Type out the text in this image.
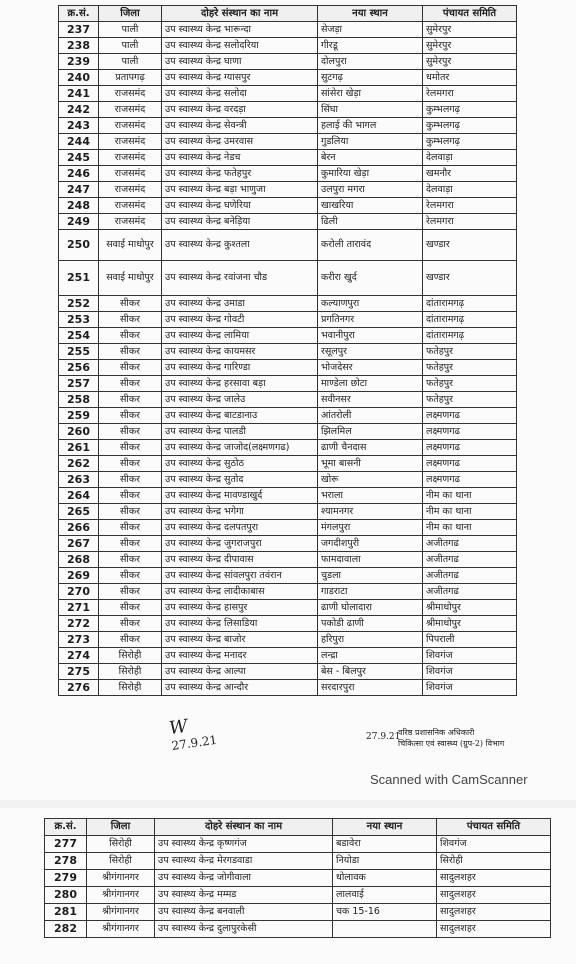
क्र.सं.	जिला	दोहरे संस्थान का नाम	नया स्थान	पंचायत समिति
237	पाली	उप स्वास्थ्य केन्द्र भारून्दा	सेजड़ा	सुमेरपुर
238	पाली	उप स्वास्थ्य केन्द्र सलोदरिया	गीरडू	सुमेरपुर
239	पाली	उप स्वास्थ्य केन्द्र घाणा	दोलपुरा	सुमेरपुर
240	प्रतापगढ़	उप स्वास्थ्य केन्द्र ग्यासपुर	सुटगढ़	धमोतर
241	राजसमंद	उप स्वास्थ्य केन्द्र सलोदा	सांसेरा खेड़ा	रेलमगरा
242	राजसमंद	उप स्वास्थ्य केन्द्र वरदड़ा	सिंघा	कुम्भलगढ़
243	राजसमंद	उप स्वास्थ्य केन्द्र सेवन्त्री	हलाई की भागल	कुम्भलगढ़
244	राजसमंद	उप स्वास्थ्य केन्द्र उमरवास	गुडलिया	कुम्भलगढ़
245	राजसमंद	उप स्वास्थ्य केन्द्र नेडच	बेरन	देलवाड़ा
246	राजसमंद	उप स्वास्थ्य केन्द्र फतेहपुर	कुमारिया खेड़ा	खमनौर
247	राजसमंद	उप स्वास्थ्य केन्द्र बड़ा भाणुजा	उलपुरा मगरा	देलवाड़ा
248	राजसमंद	उप स्वास्थ्य केन्द्र घणेरिया	खाखरिया	रेलमगरा
249	राजसमंद	उप स्वास्थ्य केन्द्र बनेड़िया	ढिली	रेलमगरा
250	सवाई माधोपुर	उप स्वास्थ्य केन्द्र कुश्तला	करोली तारावंद	खण्डार
251	सवाई माधोपुर	उप स्वास्थ्य केन्द्र रवांजना चौड	करीरा खुर्द	खण्डार
252	सीकर	उप स्वास्थ्य केन्द्र उमाडा	कल्याणपुरा	दांतारामगढ़
253	सीकर	उप स्वास्थ्य केन्द्र गोवटी	प्रगतिनगर	दांतारामगढ़
254	सीकर	उप स्वास्थ्य केन्द्र लामिया	भवानीपुरा	दांतारामगढ़
255	सीकर	उप स्वास्थ्य केन्द्र कायमसर	रसूलपुर	फतेहपुर
256	सीकर	उप स्वास्थ्य केन्द्र गारिण्डा	भोजदेसर	फतेहपुर
257	सीकर	उप स्वास्थ्य केन्द्र हरसावा बड़ा	माण्डेला छोटा	फतेहपुर
258	सीकर	उप स्वास्थ्य केन्द्र जालेउ	सवीनसर	फतेहपुर
259	सीकर	उप स्वास्थ्य केन्द्र बाटडानाउ	आंतरोली	लक्ष्मणगढ
260	सीकर	उप स्वास्थ्य केन्द्र पालडी	झिलमिल	लक्ष्मणगढ
261	सीकर	उप स्वास्थ्य केन्द्र जाजोद(लक्ष्मणगढ)	ढाणी चैनदास	लक्ष्मणगढ
262	सीकर	उप स्वास्थ्य केन्द्र सुठोठ	भूमा बासनी	लक्ष्मणगढ
263	सीकर	उप स्वास्थ्य केन्द्र सुतोद	खोरू	लक्ष्मणगढ
264	सीकर	उप स्वास्थ्य केन्द्र मावण्डाखुर्द	भराला	नीम का थाना
265	सीकर	उप स्वास्थ्य केन्द्र भगेगा	श्यामनगर	नीम का थाना
266	सीकर	उप स्वास्थ्य केन्द्र दलपतपुरा	मंगलपुरा	नीम का थाना
267	सीकर	उप स्वास्थ्य केन्द्र जुगराजपुरा	जगदीशपुरी	अजीतगढ
268	सीकर	उप स्वास्थ्य केन्द्र दीपावास	फामदावाला	अजीतगढ
269	सीकर	उप स्वास्थ्य केन्द्र सांवलपुरा तवंरान	चुडला	अजीतगढ
270	सीकर	उप स्वास्थ्य केन्द्र लादीकाबास	गाडराटा	अजीतगढ
271	सीकर	उप स्वास्थ्य केन्द्र हासपुर	ढाणी घोलादारा	श्रीमाधोपुर
272	सीकर	उप स्वास्थ्य केन्द्र लिसाडिया	पकोडी ढाणी	श्रीमाधोपुर
273	सीकर	उप स्वास्थ्य केन्द्र बाजोर	हरिपुरा	पिपराली
274	सिरोही	उप स्वास्थ्य केन्द्र मनादर	लन्द्रा	शिवगंज
275	सिरोही	उप स्वास्थ्य केन्द्र आल्पा	बेस - बिलपुर	शिवगंज
276	सिरोही	उप स्वास्थ्य केन्द्र आन्दौर	सरदारपुरा	शिवगंज
W
27.9.21	27.9.21
वरिष्ठ प्रशासनिक अधिकारी
चिकित्सा एवं स्वास्थ्य (ग्रुप-2) विभाग
Scanned with CamScanner
क्र.सं.	जिला	दोहरे संस्थान का नाम	नया स्थान	पंचायत समिति
277	सिरोही	उप स्वास्थ्य केन्द्र कृष्णगंज	बडावेरा	शिवगंज
278	सिरोही	उप स्वास्थ्य केन्द्र मेरगडवाडा	नियोडा	सिरोही
279	श्रीगंगानगर	उप स्वास्थ्य केन्द्र जोगीवाला	धोलावक	सादुलशहर
280	श्रीगंगानगर	उप स्वास्थ्य केन्द्र मम्मड	लालवाई	सादुलशहर
281	श्रीगंगानगर	उप स्वास्थ्य केन्द्र बनवाली	चक 15-16	सादुलशहर
282	श्रीगंगानगर	उप स्वास्थ्य केन्द्र दुलापुरकेसी		सादुलशहर
